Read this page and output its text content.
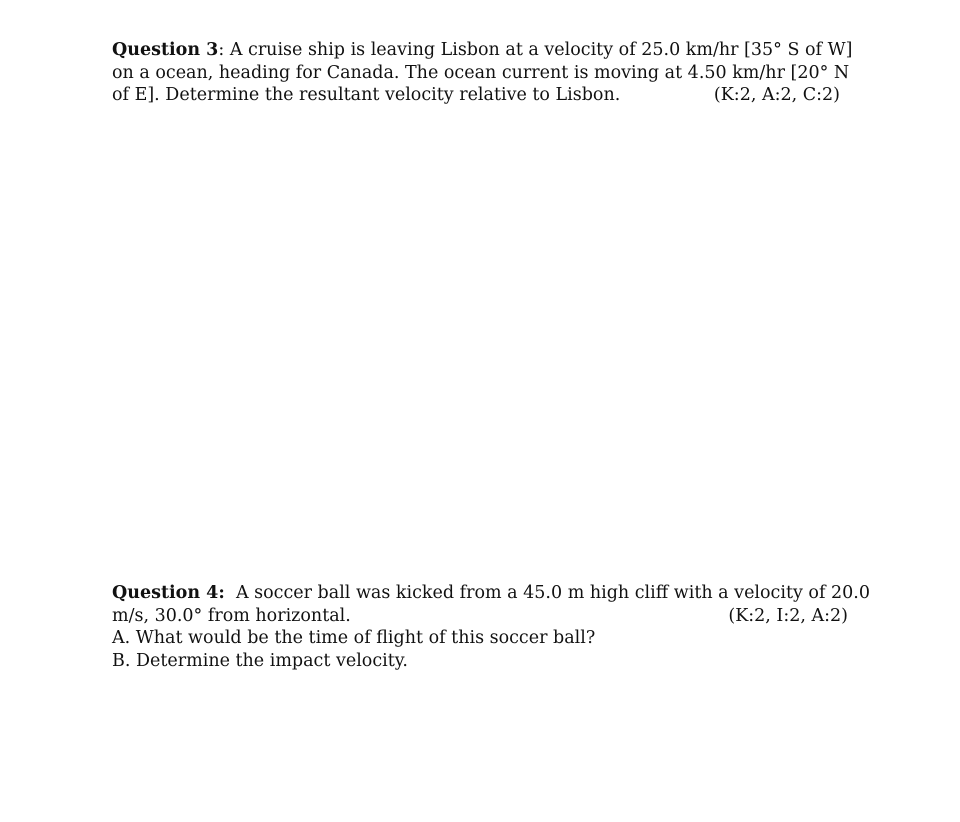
Question 3: A cruise ship is leaving Lisbon at a velocity of 25.0 km/hr [35° S of W]
on a ocean, heading for Canada. The ocean current is moving at 4.50 km/hr [20° N
of E]. Determine the resultant velocity relative to Lisbon.	(K:2, A:2, C:2)
Question 4: A soccer ball was kicked from a 45.0 m high cliff with a velocity of 20.0
m/s, 30.0° from horizontal.	(K:2, I:2, A:2)
A. What would be the time of flight of this soccer ball?
B. Determine the impact velocity.
